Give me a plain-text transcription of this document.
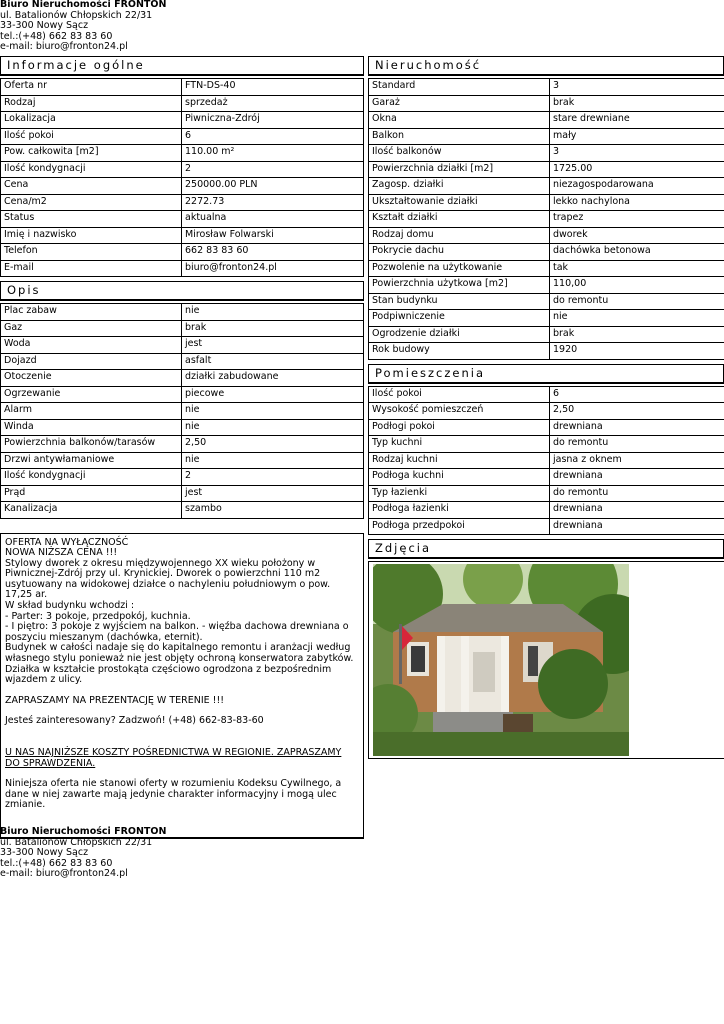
Biuro Nieruchomości FRONTON
ul. Batalionów Chłopskich 22/31
33-300 Nowy Sącz
tel.:(+48) 662 83 83 60
e-mail: biuro@fronton24.pl
Informacje ogólne
Oferta nr	FTN-DS-40
Rodzaj	sprzedaż
Lokalizacja	Piwniczna-Zdrój
Ilość pokoi	6
Pow. całkowita [m2]	110.00 m²
Ilość kondygnacji	2
Cena	250000.00 PLN
Cena/m2	2272.73
Status	aktualna
Imię i nazwisko	Mirosław Folwarski
Telefon	662 83 83 60
E-mail	biuro@fronton24.pl
Opis
Plac zabaw	nie
Gaz	brak
Woda	jest
Dojazd	asfalt
Otoczenie	działki zabudowane
Ogrzewanie	piecowe
Alarm	nie
Winda	nie
Powierzchnia balkonów/tarasów	2,50
Drzwi antywłamaniowe	nie
Ilość kondygnacji	2
Prąd	jest
Kanalizacja	szambo

OFERTA NA WYŁĄCZNOŚĆ

NOWA NIŻSZA CENA !!!

Stylowy dworek z okresu międzywojennego XX wieku położony w Piwnicznej-Zdrój przy ul. Krynickiej. Dworek o powierzchni 110 m2 usytuowany na widokowej działce o nachyleniu południowym o pow. 17,25 ar.

W skład budynku wchodzi :

- Parter: 3 pokoje, przedpokój, kuchnia.

- I piętro: 3 pokoje z wyjściem na balkon. - więźba dachowa drewniana o poszyciu mieszanym (dachówka, eternit).

Budynek w całości nadaje się do kapitalnego remontu i aranżacji według własnego stylu ponieważ nie jest objęty ochroną konserwatora zabytków.

Działka w kształcie prostokąta częściowo ogrodzona z bezpośrednim wjazdem z ulicy.

ZAPRASZAMY NA PREZENTACJĘ W TERENIE !!!

Jesteś zainteresowany? Zadzwoń! (+48) 662-83-83-60

U NAS NAJNIŻSZE KOSZTY POŚREDNICTWA W REGIONIE. ZAPRASZAMY DO SPRAWDZENIA.

Niniejsza oferta nie stanowi oferty w rozumieniu Kodeksu Cywilnego, a dane w niej zawarte mają jedynie charakter informacyjny i mogą ulec zmianie.

Nieruchomość
Standard	3
Garaż	brak
Okna	stare drewniane
Balkon	mały
Ilość balkonów	3
Powierzchnia działki [m2]	1725.00
Zagosp. działki	niezagospodarowana
Ukształtowanie działki	lekko nachylona
Kształt działki	trapez
Rodzaj domu	dworek
Pokrycie dachu	dachówka betonowa
Pozwolenie na użytkowanie	tak
Powierzchnia użytkowa [m2]	110,00
Stan budynku	do remontu
Podpiwniczenie	nie
Ogrodzenie działki	brak
Rok budowy	1920
Pomieszczenia
Ilość pokoi	6
Wysokość pomieszczeń	2,50
Podłogi pokoi	drewniana
Typ kuchni	do remontu
Rodzaj kuchni	jasna z oknem
Podłoga kuchni	drewniana
Typ łazienki	do remontu
Podłoga łazienki	drewniana
Podłoga przedpokoi	drewniana
Zdjęcia
Biuro Nieruchomości FRONTON
ul. Batalionów Chłopskich 22/31
33-300 Nowy Sącz
tel.:(+48) 662 83 83 60
e-mail: biuro@fronton24.pl
